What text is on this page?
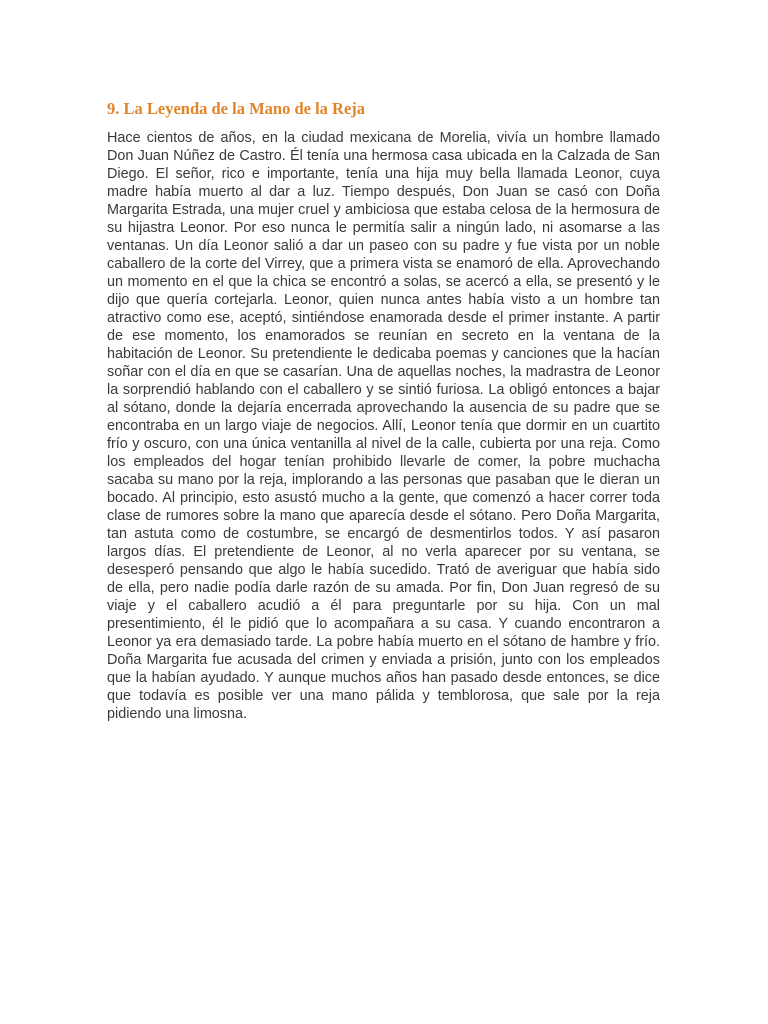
9. La Leyenda de la Mano de la Reja

Hace cientos de años, en la ciudad mexicana de Morelia, vivía un hombre llamado Don Juan Núñez de Castro. Él tenía una hermosa casa ubicada en la Calzada de San Diego. El señor, rico e importante, tenía una hija muy bella llamada Leonor, cuya madre había muerto al dar a luz. Tiempo después, Don Juan se casó con Doña Margarita Estrada, una mujer cruel y ambiciosa que estaba celosa de la hermosura de su hijastra Leonor. Por eso nunca le permitía salir a ningún lado, ni asomarse a las ventanas. Un día Leonor salió a dar un paseo con su padre y fue vista por un noble caballero de la corte del Virrey, que a primera vista se enamoró de ella. Aprovechando un momento en el que la chica se encontró a solas, se acercó a ella, se presentó y le dijo que quería cortejarla. Leonor, quien nunca antes había visto a un hombre tan atractivo como ese, aceptó, sintiéndose enamorada desde el primer instante. A partir de ese momento, los enamorados se reunían en secreto en la ventana de la habitación de Leonor. Su pretendiente le dedicaba poemas y canciones que la hacían soñar con el día en que se casarían. Una de aquellas noches, la madrastra de Leonor la sorprendió hablando con el caballero y se sintió furiosa. La obligó entonces a bajar al sótano, donde la dejaría encerrada aprovechando la ausencia de su padre que se encontraba en un largo viaje de negocios. Allí, Leonor tenía que dormir en un cuartito frío y oscuro, con una única ventanilla al nivel de la calle, cubierta por una reja. Como los empleados del hogar tenían prohibido llevarle de comer, la pobre muchacha sacaba su mano por la reja, implorando a las personas que pasaban que le dieran un bocado. Al principio, esto asustó mucho a la gente, que comenzó a hacer correr toda clase de rumores sobre la mano que aparecía desde el sótano. Pero Doña Margarita, tan astuta como de costumbre, se encargó de desmentirlos todos. Y así pasaron largos días. El pretendiente de Leonor, al no verla aparecer por su ventana, se desesperó pensando que algo le había sucedido. Trató de averiguar que había sido de ella, pero nadie podía darle razón de su amada. Por fin, Don Juan regresó de su viaje y el caballero acudió a él para preguntarle por su hija. Con un mal presentimiento, él le pidió que lo acompañara a su casa. Y cuando encontraron a Leonor ya era demasiado tarde. La pobre había muerto en el sótano de hambre y frío. Doña Margarita fue acusada del crimen y enviada a prisión, junto con los empleados que la habían ayudado. Y aunque muchos años han pasado desde entonces, se dice que todavía es posible ver una mano pálida y temblorosa, que sale por la reja pidiendo una limosna.
